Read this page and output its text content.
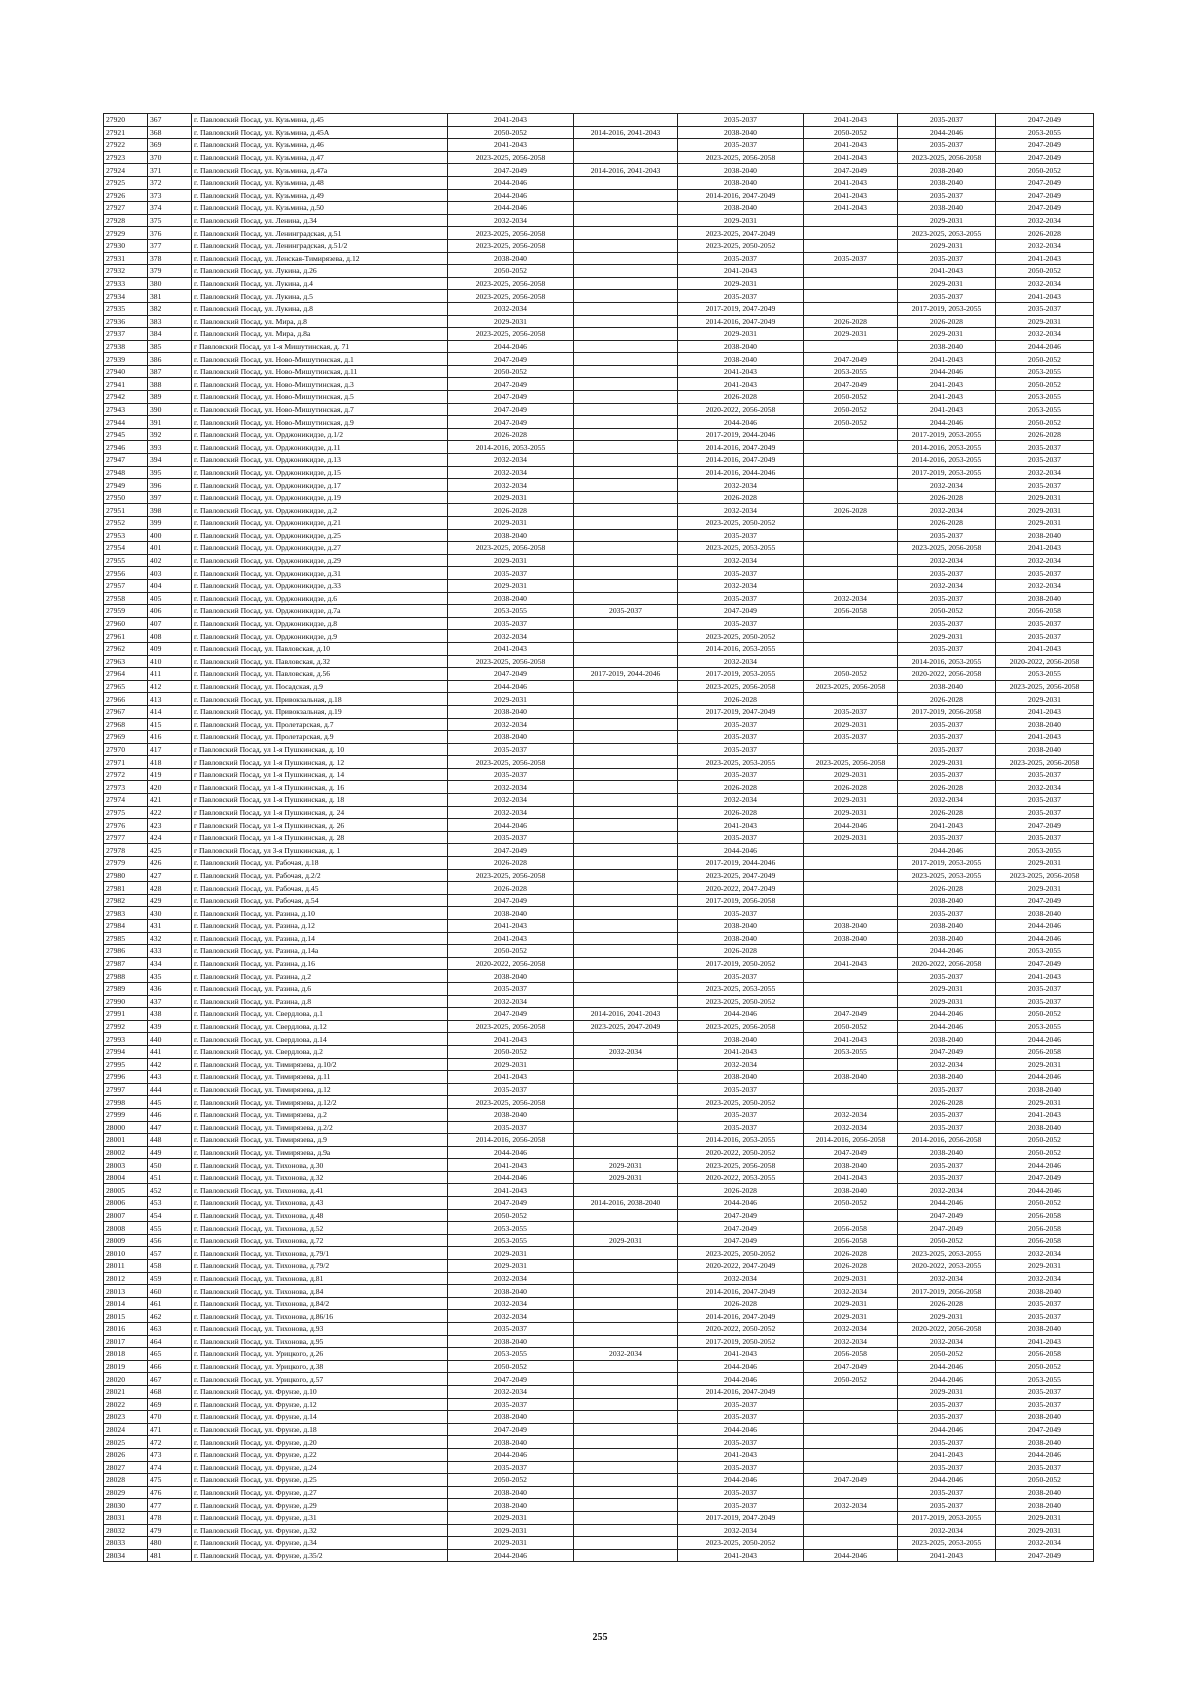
27920	367	г. Павловский Посад, ул. Кузьмина, д.45	2041-2043		2035-2037	2041-2043	2035-2037	2047-2049
27921	368	г. Павловский Посад, ул. Кузьмина, д.45А	2050-2052	2014-2016, 2041-2043	2038-2040	2050-2052	2044-2046	2053-2055
27922	369	г. Павловский Посад, ул. Кузьмина, д.46	2041-2043		2035-2037	2041-2043	2035-2037	2047-2049
27923	370	г. Павловский Посад, ул. Кузьмина, д.47	2023-2025, 2056-2058		2023-2025, 2056-2058	2041-2043	2023-2025, 2056-2058	2047-2049
27924	371	г. Павловский Посад, ул. Кузьмина, д.47а	2047-2049	2014-2016, 2041-2043	2038-2040	2047-2049	2038-2040	2050-2052
27925	372	г. Павловский Посад, ул. Кузьмина, д.48	2044-2046		2038-2040	2041-2043	2038-2040	2047-2049
27926	373	г. Павловский Посад, ул. Кузьмина, д.49	2044-2046		2014-2016, 2047-2049	2041-2043	2035-2037	2047-2049
27927	374	г. Павловский Посад, ул. Кузьмина, д.50	2044-2046		2038-2040	2041-2043	2038-2040	2047-2049
27928	375	г. Павловский Посад, ул. Ленина, д.34	2032-2034		2029-2031		2029-2031	2032-2034
27929	376	г. Павловский Посад, ул. Ленинградская, д.51	2023-2025, 2056-2058		2023-2025, 2047-2049		2023-2025, 2053-2055	2026-2028
27930	377	г. Павловский Посад, ул. Ленинградская, д.51/2	2023-2025, 2056-2058		2023-2025, 2050-2052		2029-2031	2032-2034
27931	378	г. Павловский Посад, ул. Ленская-Тимирязева, д.12	2038-2040		2035-2037	2035-2037	2035-2037	2041-2043
27932	379	г. Павловский Посад, ул. Лукина, д.26	2050-2052		2041-2043		2041-2043	2050-2052
27933	380	г. Павловский Посад, ул. Лукина, д.4	2023-2025, 2056-2058		2029-2031		2029-2031	2032-2034
27934	381	г. Павловский Посад, ул. Лукина, д.5	2023-2025, 2056-2058		2035-2037		2035-2037	2041-2043
27935	382	г. Павловский Посад, ул. Лукина, д.8	2032-2034		2017-2019, 2047-2049		2017-2019, 2053-2055	2035-2037
27936	383	г. Павловский Посад, ул. Мира, д.8	2029-2031		2014-2016, 2047-2049	2026-2028	2026-2028	2029-2031
27937	384	г. Павловский Посад, ул. Мира, д.8а	2023-2025, 2056-2058		2029-2031	2029-2031	2029-2031	2032-2034
27938	385	г Павловский Посад, ул 1-я Мишутинская, д. 71	2044-2046		2038-2040		2038-2040	2044-2046
27939	386	г. Павловский Посад, ул. Ново-Мишутинская, д.1	2047-2049		2038-2040	2047-2049	2041-2043	2050-2052
27940	387	г. Павловский Посад, ул. Ново-Мишутинская, д.11	2050-2052		2041-2043	2053-2055	2044-2046	2053-2055
27941	388	г. Павловский Посад, ул. Ново-Мишутинская, д.3	2047-2049		2041-2043	2047-2049	2041-2043	2050-2052
27942	389	г. Павловский Посад, ул. Ново-Мишутинская, д.5	2047-2049		2026-2028	2050-2052	2041-2043	2053-2055
27943	390	г. Павловский Посад, ул. Ново-Мишутинская, д.7	2047-2049		2020-2022, 2056-2058	2050-2052	2041-2043	2053-2055
27944	391	г. Павловский Посад, ул. Ново-Мишутинская, д.9	2047-2049		2044-2046	2050-2052	2044-2046	2050-2052
27945	392	г. Павловский Посад, ул. Орджоникидзе, д.1/2	2026-2028		2017-2019, 2044-2046		2017-2019, 2053-2055	2026-2028
27946	393	г. Павловский Посад, ул. Орджоникидзе, д.11	2014-2016, 2053-2055		2014-2016, 2047-2049		2014-2016, 2053-2055	2035-2037
27947	394	г. Павловский Посад, ул. Орджоникидзе, д.13	2032-2034		2014-2016, 2047-2049		2014-2016, 2053-2055	2035-2037
27948	395	г. Павловский Посад, ул. Орджоникидзе, д.15	2032-2034		2014-2016, 2044-2046		2017-2019, 2053-2055	2032-2034
27949	396	г. Павловский Посад, ул. Орджоникидзе, д.17	2032-2034		2032-2034		2032-2034	2035-2037
27950	397	г. Павловский Посад, ул. Орджоникидзе, д.19	2029-2031		2026-2028		2026-2028	2029-2031
27951	398	г. Павловский Посад, ул. Орджоникидзе, д.2	2026-2028		2032-2034	2026-2028	2032-2034	2029-2031
27952	399	г. Павловский Посад, ул. Орджоникидзе, д.21	2029-2031		2023-2025, 2050-2052		2026-2028	2029-2031
27953	400	г. Павловский Посад, ул. Орджоникидзе, д.25	2038-2040		2035-2037		2035-2037	2038-2040
27954	401	г. Павловский Посад, ул. Орджоникидзе, д.27	2023-2025, 2056-2058		2023-2025, 2053-2055		2023-2025, 2056-2058	2041-2043
27955	402	г. Павловский Посад, ул. Орджоникидзе, д.29	2029-2031		2032-2034		2032-2034	2032-2034
27956	403	г. Павловский Посад, ул. Орджоникидзе, д.31	2035-2037		2035-2037		2035-2037	2035-2037
27957	404	г. Павловский Посад, ул. Орджоникидзе, д.33	2029-2031		2032-2034		2032-2034	2032-2034
27958	405	г. Павловский Посад, ул. Орджоникидзе, д.6	2038-2040		2035-2037	2032-2034	2035-2037	2038-2040
27959	406	г. Павловский Посад, ул. Орджоникидзе, д.7а	2053-2055	2035-2037	2047-2049	2056-2058	2050-2052	2056-2058
27960	407	г. Павловский Посад, ул. Орджоникидзе, д.8	2035-2037		2035-2037		2035-2037	2035-2037
27961	408	г. Павловский Посад, ул. Орджоникидзе, д.9	2032-2034		2023-2025, 2050-2052		2029-2031	2035-2037
27962	409	г. Павловский Посад, ул. Павловская, д.10	2041-2043		2014-2016, 2053-2055		2035-2037	2041-2043
27963	410	г. Павловский Посад, ул. Павловская, д.32	2023-2025, 2056-2058		2032-2034		2014-2016, 2053-2055	2020-2022, 2056-2058
27964	411	г. Павловский Посад, ул. Павловская, д.56	2047-2049	2017-2019, 2044-2046	2017-2019, 2053-2055	2050-2052	2020-2022, 2056-2058	2053-2055
27965	412	г. Павловский Посад, ул. Посадская, д.9	2044-2046		2023-2025, 2056-2058	2023-2025, 2056-2058	2038-2040	2023-2025, 2056-2058
27966	413	г. Павловский Посад, ул. Привокзальная, д.18	2029-2031		2026-2028		2026-2028	2029-2031
27967	414	г. Павловский Посад, ул. Привокзальная, д.19	2038-2040		2017-2019, 2047-2049	2035-2037	2017-2019, 2056-2058	2041-2043
27968	415	г. Павловский Посад, ул. Пролетарская, д.7	2032-2034		2035-2037	2029-2031	2035-2037	2038-2040
27969	416	г. Павловский Посад, ул. Пролетарская, д.9	2038-2040		2035-2037	2035-2037	2035-2037	2041-2043
27970	417	г Павловский Посад, ул 1-я Пушкинская, д. 10	2035-2037		2035-2037		2035-2037	2038-2040
27971	418	г Павловский Посад, ул 1-я Пушкинская, д. 12	2023-2025, 2056-2058		2023-2025, 2053-2055	2023-2025, 2056-2058	2029-2031	2023-2025, 2056-2058
27972	419	г Павловский Посад, ул 1-я Пушкинская, д. 14	2035-2037		2035-2037	2029-2031	2035-2037	2035-2037
27973	420	г Павловский Посад, ул 1-я Пушкинская, д. 16	2032-2034		2026-2028	2026-2028	2026-2028	2032-2034
27974	421	г Павловский Посад, ул 1-я Пушкинская, д. 18	2032-2034		2032-2034	2029-2031	2032-2034	2035-2037
27975	422	г Павловский Посад, ул 1-я Пушкинская, д. 24	2032-2034		2026-2028	2029-2031	2026-2028	2035-2037
27976	423	г Павловский Посад, ул 1-я Пушкинская, д. 26	2044-2046		2041-2043	2044-2046	2041-2043	2047-2049
27977	424	г Павловский Посад, ул 1-я Пушкинская, д. 28	2035-2037		2035-2037	2029-2031	2035-2037	2035-2037
27978	425	г Павловский Посад, ул 3-я Пушкинская, д. 1	2047-2049		2044-2046		2044-2046	2053-2055
27979	426	г. Павловский Посад, ул. Рабочая, д.18	2026-2028		2017-2019, 2044-2046		2017-2019, 2053-2055	2029-2031
27980	427	г. Павловский Посад, ул. Рабочая, д.2/2	2023-2025, 2056-2058		2023-2025, 2047-2049		2023-2025, 2053-2055	2023-2025, 2056-2058
27981	428	г. Павловский Посад, ул. Рабочая, д.45	2026-2028		2020-2022, 2047-2049		2026-2028	2029-2031
27982	429	г. Павловский Посад, ул. Рабочая, д.54	2047-2049		2017-2019, 2056-2058		2038-2040	2047-2049
27983	430	г. Павловский Посад, ул. Разина, д.10	2038-2040		2035-2037		2035-2037	2038-2040
27984	431	г. Павловский Посад, ул. Разина, д.12	2041-2043		2038-2040	2038-2040	2038-2040	2044-2046
27985	432	г. Павловский Посад, ул. Разина, д.14	2041-2043		2038-2040	2038-2040	2038-2040	2044-2046
27986	433	г. Павловский Посад, ул. Разина, д.14а	2050-2052		2026-2028		2044-2046	2053-2055
27987	434	г. Павловский Посад, ул. Разина, д.16	2020-2022, 2056-2058		2017-2019, 2050-2052	2041-2043	2020-2022, 2056-2058	2047-2049
27988	435	г. Павловский Посад, ул. Разина, д.2	2038-2040		2035-2037		2035-2037	2041-2043
27989	436	г. Павловский Посад, ул. Разина, д.6	2035-2037		2023-2025, 2053-2055		2029-2031	2035-2037
27990	437	г. Павловский Посад, ул. Разина, д.8	2032-2034		2023-2025, 2050-2052		2029-2031	2035-2037
27991	438	г. Павловский Посад, ул. Свердлова, д.1	2047-2049	2014-2016, 2041-2043	2044-2046	2047-2049	2044-2046	2050-2052
27992	439	г. Павловский Посад, ул. Свердлова, д.12	2023-2025, 2056-2058	2023-2025, 2047-2049	2023-2025, 2056-2058	2050-2052	2044-2046	2053-2055
27993	440	г. Павловский Посад, ул. Свердлова, д.14	2041-2043		2038-2040	2041-2043	2038-2040	2044-2046
27994	441	г. Павловский Посад, ул. Свердлова, д.2	2050-2052	2032-2034	2041-2043	2053-2055	2047-2049	2056-2058
27995	442	г. Павловский Посад, ул. Тимирязева, д.10/2	2029-2031		2032-2034		2032-2034	2029-2031
27996	443	г. Павловский Посад, ул. Тимирязева, д.11	2041-2043		2038-2040	2038-2040	2038-2040	2044-2046
27997	444	г. Павловский Посад, ул. Тимирязева, д.12	2035-2037		2035-2037		2035-2037	2038-2040
27998	445	г. Павловский Посад, ул. Тимирязева, д.12/2	2023-2025, 2056-2058		2023-2025, 2050-2052		2026-2028	2029-2031
27999	446	г. Павловский Посад, ул. Тимирязева, д.2	2038-2040		2035-2037	2032-2034	2035-2037	2041-2043
28000	447	г. Павловский Посад, ул. Тимирязева, д.2/2	2035-2037		2035-2037	2032-2034	2035-2037	2038-2040
28001	448	г. Павловский Посад, ул. Тимирязева, д.9	2014-2016, 2056-2058		2014-2016, 2053-2055	2014-2016, 2056-2058	2014-2016, 2056-2058	2050-2052
28002	449	г. Павловский Посад, ул. Тимирязева, д.9а	2044-2046		2020-2022, 2050-2052	2047-2049	2038-2040	2050-2052
28003	450	г. Павловский Посад, ул. Тихонова, д.30	2041-2043	2029-2031	2023-2025, 2056-2058	2038-2040	2035-2037	2044-2046
28004	451	г. Павловский Посад, ул. Тихонова, д.32	2044-2046	2029-2031	2020-2022, 2053-2055	2041-2043	2035-2037	2047-2049
28005	452	г. Павловский Посад, ул. Тихонова, д.41	2041-2043		2026-2028	2038-2040	2032-2034	2044-2046
28006	453	г. Павловский Посад, ул. Тихонова, д.43	2047-2049	2014-2016, 2038-2040	2044-2046	2050-2052	2044-2046	2050-2052
28007	454	г. Павловский Посад, ул. Тихонова, д.48	2050-2052		2047-2049		2047-2049	2056-2058
28008	455	г. Павловский Посад, ул. Тихонова, д.52	2053-2055		2047-2049	2056-2058	2047-2049	2056-2058
28009	456	г. Павловский Посад, ул. Тихонова, д.72	2053-2055	2029-2031	2047-2049	2056-2058	2050-2052	2056-2058
28010	457	г. Павловский Посад, ул. Тихонова, д.79/1	2029-2031		2023-2025, 2050-2052	2026-2028	2023-2025, 2053-2055	2032-2034
28011	458	г. Павловский Посад, ул. Тихонова, д.79/2	2029-2031		2020-2022, 2047-2049	2026-2028	2020-2022, 2053-2055	2029-2031
28012	459	г. Павловский Посад, ул. Тихонова, д.81	2032-2034		2032-2034	2029-2031	2032-2034	2032-2034
28013	460	г. Павловский Посад, ул. Тихонова, д.84	2038-2040		2014-2016, 2047-2049	2032-2034	2017-2019, 2056-2058	2038-2040
28014	461	г. Павловский Посад, ул. Тихонова, д.84/2	2032-2034		2026-2028	2029-2031	2026-2028	2035-2037
28015	462	г. Павловский Посад, ул. Тихонова, д.86/16	2032-2034		2014-2016, 2047-2049	2029-2031	2029-2031	2035-2037
28016	463	г. Павловский Посад, ул. Тихонова, д.93	2035-2037		2020-2022, 2050-2052	2032-2034	2020-2022, 2056-2058	2038-2040
28017	464	г. Павловский Посад, ул. Тихонова, д.95	2038-2040		2017-2019, 2050-2052	2032-2034	2032-2034	2041-2043
28018	465	г. Павловский Посад, ул. Урицкого, д.26	2053-2055	2032-2034	2041-2043	2056-2058	2050-2052	2056-2058
28019	466	г. Павловский Посад, ул. Урицкого, д.38	2050-2052		2044-2046	2047-2049	2044-2046	2050-2052
28020	467	г. Павловский Посад, ул. Урицкого, д.57	2047-2049		2044-2046	2050-2052	2044-2046	2053-2055
28021	468	г. Павловский Посад, ул. Фрунзе, д.10	2032-2034		2014-2016, 2047-2049		2029-2031	2035-2037
28022	469	г. Павловский Посад, ул. Фрунзе, д.12	2035-2037		2035-2037		2035-2037	2035-2037
28023	470	г. Павловский Посад, ул. Фрунзе, д.14	2038-2040		2035-2037		2035-2037	2038-2040
28024	471	г. Павловский Посад, ул. Фрунзе, д.18	2047-2049		2044-2046		2044-2046	2047-2049
28025	472	г. Павловский Посад, ул. Фрунзе, д.20	2038-2040		2035-2037		2035-2037	2038-2040
28026	473	г. Павловский Посад, ул. Фрунзе, д.22	2044-2046		2041-2043		2041-2043	2044-2046
28027	474	г. Павловский Посад, ул. Фрунзе, д.24	2035-2037		2035-2037		2035-2037	2035-2037
28028	475	г. Павловский Посад, ул. Фрунзе, д.25	2050-2052		2044-2046	2047-2049	2044-2046	2050-2052
28029	476	г. Павловский Посад, ул. Фрунзе, д.27	2038-2040		2035-2037		2035-2037	2038-2040
28030	477	г. Павловский Посад, ул. Фрунзе, д.29	2038-2040		2035-2037	2032-2034	2035-2037	2038-2040
28031	478	г. Павловский Посад, ул. Фрунзе, д.31	2029-2031		2017-2019, 2047-2049		2017-2019, 2053-2055	2029-2031
28032	479	г. Павловский Посад, ул. Фрунзе, д.32	2029-2031		2032-2034		2032-2034	2029-2031
28033	480	г. Павловский Посад, ул. Фрунзе, д.34	2029-2031		2023-2025, 2050-2052		2023-2025, 2053-2055	2032-2034
28034	481	г. Павловский Посад, ул. Фрунзе, д.35/2	2044-2046		2041-2043	2044-2046	2041-2043	2047-2049
255
